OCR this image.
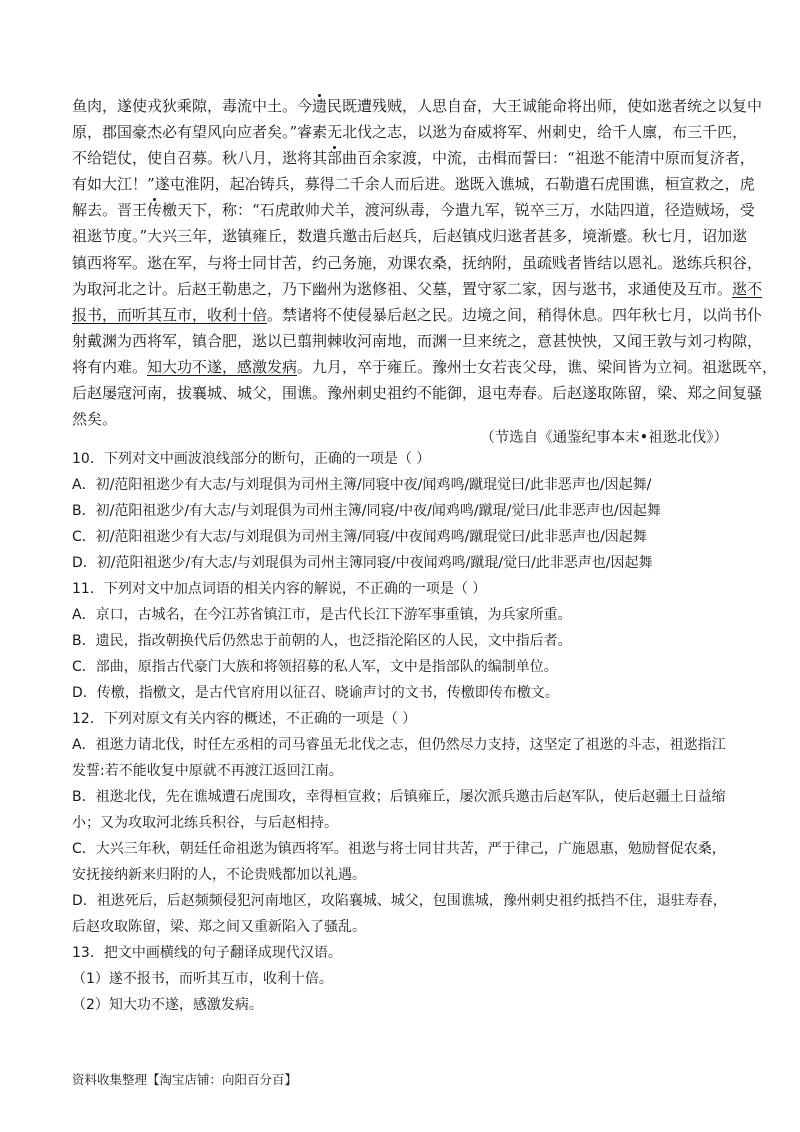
鱼肉，遂使戎狄乘隙，毒流中土。今遗民既遭残贼，人思自奋，大王诚能命将出师，使如逖者统之以复中
原，郡国豪杰必有望风向应者矣。”睿素无北伐之志，以逖为奋威将军、州刺史，给千人廪，布三千匹，
不给铠仗，使自召募。秋八月，逖将其部曲百余家渡，中流，击楫而誓曰：“祖逖不能清中原而复济者，
有如大江！”遂屯淮阴，起冶铸兵，募得二千余人而后进。逖既入谯城，石勒遣石虎围谯，桓宣救之，虎
解去。晋王传檄天下，称：“石虎敢帅犬羊，渡河纵毒，今遣九军，锐卒三万，水陆四道，径造贼场，受
祖逖节度。”大兴三年，逖镇雍丘，数遣兵邀击后赵兵，后赵镇戍归逖者甚多，境渐蹙。秋七月，诏加逖
镇西将军。逖在军，与将士同甘苦，约己务施，劝课农桑，抚纳附，虽疏贱者皆结以恩礼。逖练兵积谷，
为取河北之计。后赵王勒患之，乃下幽州为逖修祖、父墓，置守冢二家，因与逖书，求通使及互市。逖不
报书，而听其互市，收利十倍。禁诸将不使侵暴后赵之民。边境之间，稍得休息。四年秋七月，以尚书仆
射戴渊为西将军，镇合肥，逖以已翦荆棘收河南地，而渊一旦来统之，意甚怏怏，又闻王敦与刘刁构隙，
将有内难。知大功不遂，感激发病。九月，卒于雍丘。豫州士女若丧父母，谯、梁间皆为立祠。祖逖既卒，
后赵屡寇河南，拔襄城、城父，围谯。豫州刺史祖约不能御，退屯寿春。后赵遂取陈留，梁、郑之间复骚
然矣。
（节选自《通鉴纪事本末•祖逖北伐》）
10．下列对文中画波浪线部分的断句，正确的一项是（ ）
A．初/范阳祖逖少有大志/与刘琨俱为司州主簿/同寝中夜/闻鸡鸣/蹴琨觉曰/此非恶声也/因起舞/
B．初/范阳祖逖少/有大志/与刘琨俱为司州主簿/同寝/中夜/闻鸡鸣/蹴琨/觉曰/此非恶声也/因起舞
C．初/范阳祖逖少有大志/与刘琨俱为司州主簿/同寝/中夜闻鸡鸣/蹴琨觉曰/此非恶声也/因起舞
D．初/范阳祖逖少/有大志/与刘琨俱为司州主簿同寝/中夜闻鸡鸣/蹴琨/觉曰/此非恶声也/因起舞
11．下列对文中加点词语的相关内容的解说，不正确的一项是（ ）
A．京口，古城名，在今江苏省镇江市，是古代长江下游军事重镇，为兵家所重。
B．遗民，指改朝换代后仍然忠于前朝的人，也泛指沦陷区的人民，文中指后者。
C．部曲，原指古代豪门大族和将领招募的私人军，文中是指部队的编制单位。
D．传檄，指檄文，是古代官府用以征召、晓谕声讨的文书，传檄即传布檄文。
12．下列对原文有关内容的概述，不正确的一项是（ ）
A．祖逖力请北伐，时任左丞相的司马睿虽无北伐之志，但仍然尽力支持，这坚定了祖逖的斗志，祖逖指江发誓:若不能收复中原就不再渡江返回江南。
B．祖逖北伐，先在谯城遭石虎围攻，幸得桓宣救；后镇雍丘，屡次派兵邀击后赵军队，使后赵疆土日益缩小；又为攻取河北练兵积谷，与后赵相持。
C．大兴三年秋，朝廷任命祖逖为镇西将军。祖逖与将士同甘共苦，严于律己，广施恩惠，勉励督促农桑，安抚接纳新来归附的人，不论贵贱都加以礼遇。
D．祖逖死后，后赵频频侵犯河南地区，攻陷襄城、城父，包围谯城，豫州刺史祖约抵挡不住，退驻寿春，后赵攻取陈留，梁、郑之间又重新陷入了骚乱。
13．把文中画横线的句子翻译成现代汉语。
（1）遂不报书，而听其互市，收利十倍。
（2）知大功不遂，感激发病。
资料收集整理【淘宝店铺：向阳百分百】
